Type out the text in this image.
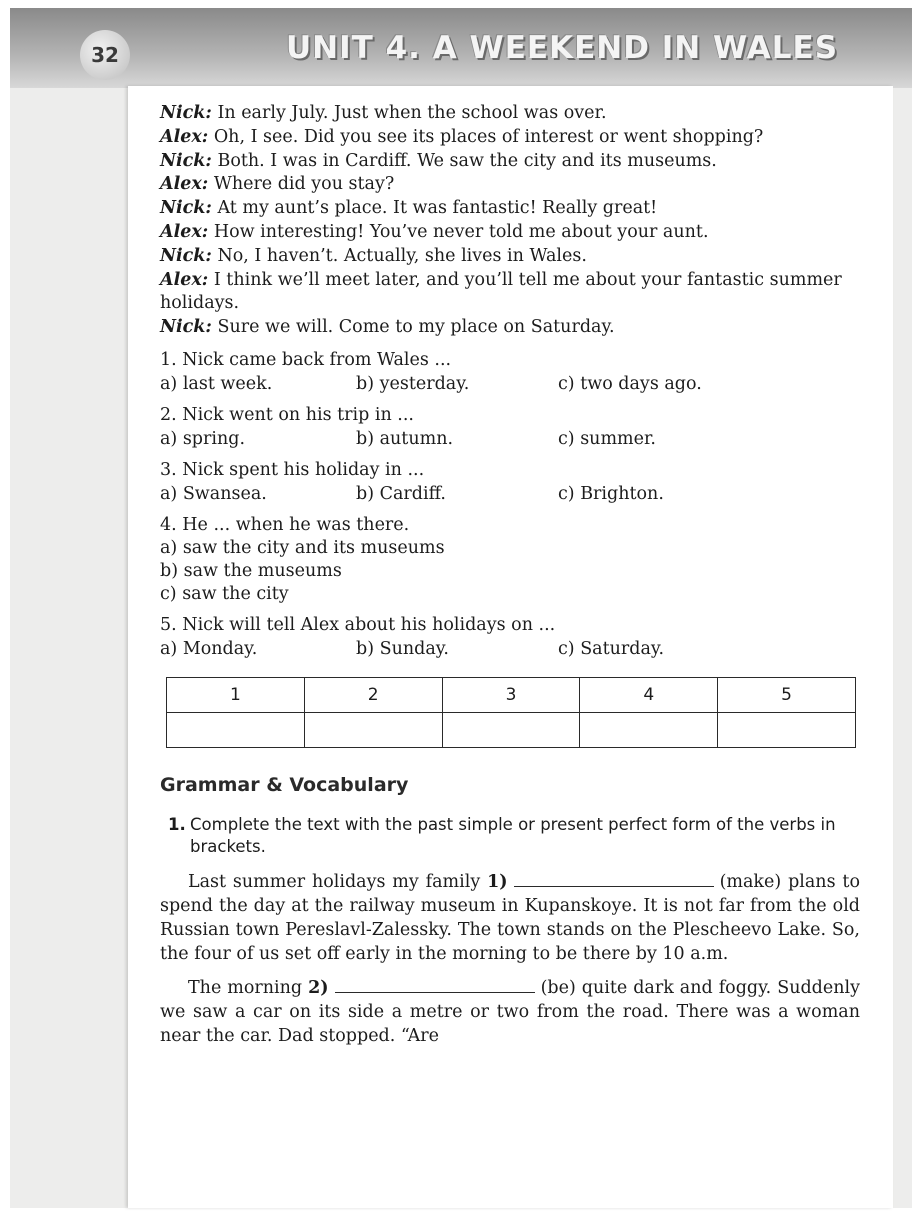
32	UNIT 4. A WEEKEND IN WALES

Nick: In early July. Just when the school was over.

Alex: Oh, I see. Did you see its places of interest or went shopping?

Nick: Both. I was in Cardiff. We saw the city and its museums.

Alex: Where did you stay?

Nick: At my aunt’s place. It was fantastic! Really great!

Alex: How interesting! You’ve never told me about your aunt.

Nick: No, I haven’t. Actually, she lives in Wales.

Alex: I think we’ll meet later, and you’ll tell me about your fantastic summer holidays.

Nick: Sure we will. Come to my place on Saturday.

1. Nick came back from Wales ...
a) last week.	b) yesterday.	c) two days ago.
2. Nick went on his trip in ...
a) spring.	b) autumn.	c) summer.
3. Nick spent his holiday in ...
a) Swansea.	b) Cardiff.	c) Brighton.
4. He ... when he was there.
a) saw the city and its museums
b) saw the museums
c) saw the city
5. Nick will tell Alex about his holidays on ...
a) Monday.	b) Sunday.	c) Saturday.
1	2	3	4	5

Grammar & Vocabulary
1. Complete the text with the past simple or present perfect form of the verbs in brackets.

Last summer holidays my family 1)	(make) plans to spend the day at the railway museum in Kupanskoye. It is not far from the old Russian town Pereslavl-Zalessky. The town stands on the Plescheevo Lake. So, the four of us set off early in the morning to be there by 10 a.m.

The morning 2)	(be) quite dark and foggy. Suddenly we saw a car on its side a metre or two from the road. There was a woman near the car. Dad stopped. “Are
